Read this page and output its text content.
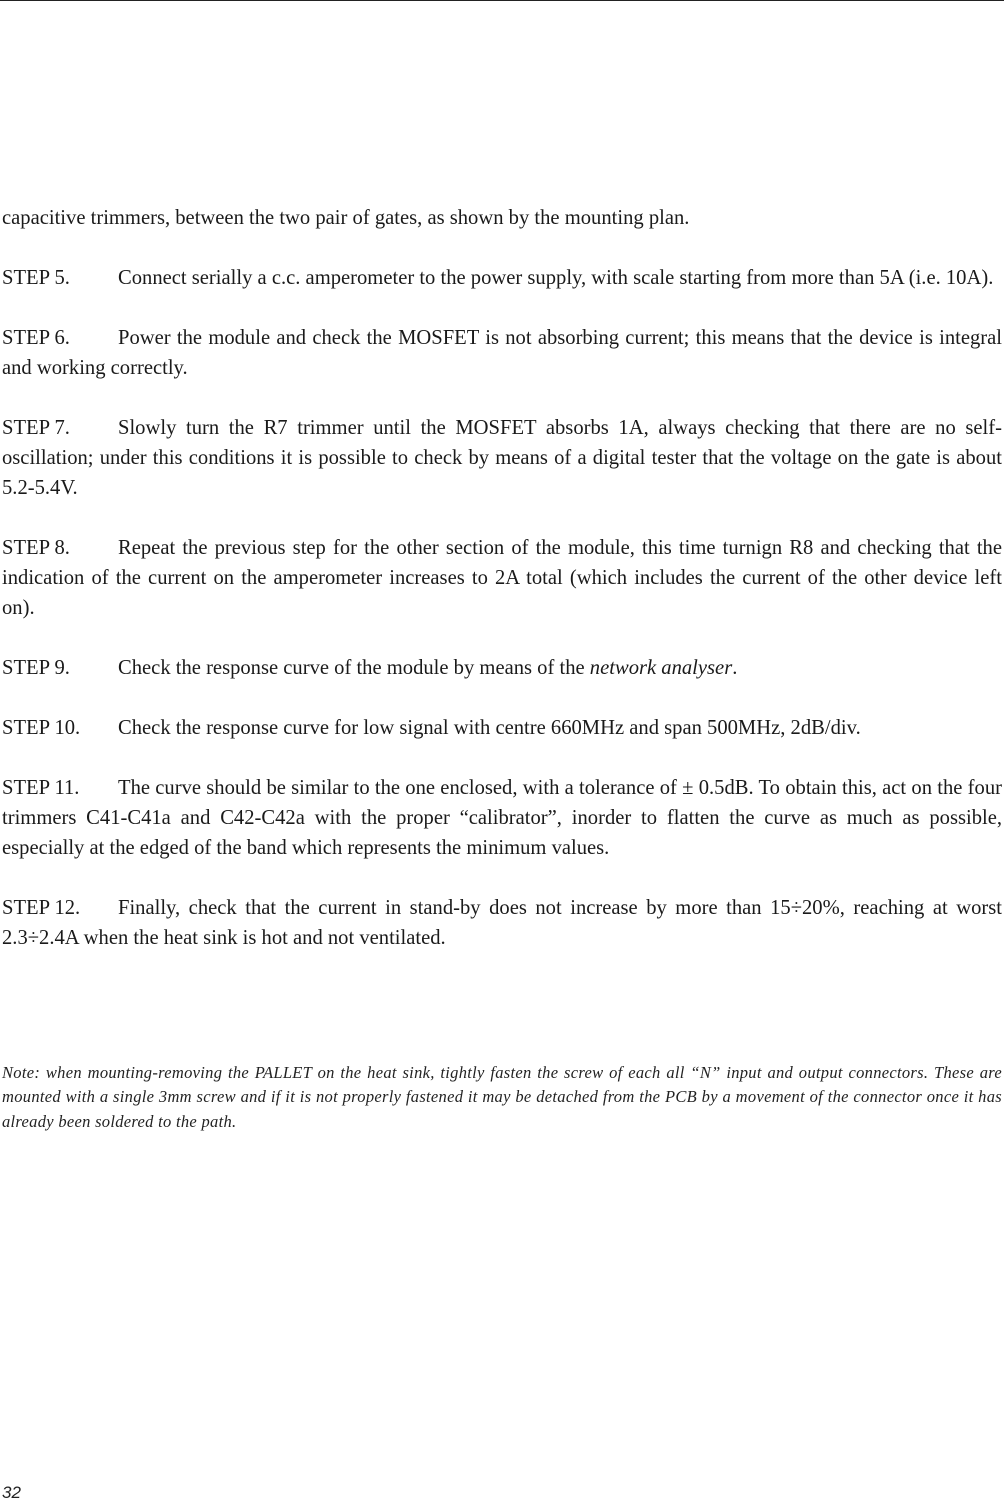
capacitive trimmers, between the two pair of gates, as shown by the mounting plan.

STEP 5. Connect serially a c.c. amperometer to the power supply, with scale starting from more than 5A (i.e. 10A).

STEP 6. Power the module and check the MOSFET is not absorbing current; this means that the device is integral and working correctly.

STEP 7. Slowly turn the R7 trimmer until the MOSFET absorbs 1A, always checking that there are no self-oscillation; under this conditions it is possible to check by means of a digital tester that the voltage on the gate is about 5.2-5.4V.

STEP 8. Repeat the previous step for the other section of the module, this time turnign R8 and checking that the indication of the current on the amperometer increases to 2A total (which includes the current of the other device left on).

STEP 9. Check the response curve of the module by means of the network analyser.

STEP 10. Check the response curve for low signal with centre 660MHz and span 500MHz, 2dB/div.

STEP 11. The curve should be similar to the one enclosed, with a tolerance of ± 0.5dB. To obtain this, act on the four trimmers C41-C41a and C42-C42a with the proper “calibrator”, inorder to flatten the curve as much as possible, especially at the edged of the band which represents the minimum values.

STEP 12. Finally, check that the current in stand-by does not increase by more than 15÷20%, reaching at worst 2.3÷2.4A when the heat sink is hot and not ventilated.

Note: when mounting-removing the PALLET on the heat sink, tightly fasten the screw of each all “N” input and output connectors. These are mounted with a single 3mm screw and if it is not properly fastened it may be detached from the PCB by a movement of the connector once it has already been soldered to the path.

32
